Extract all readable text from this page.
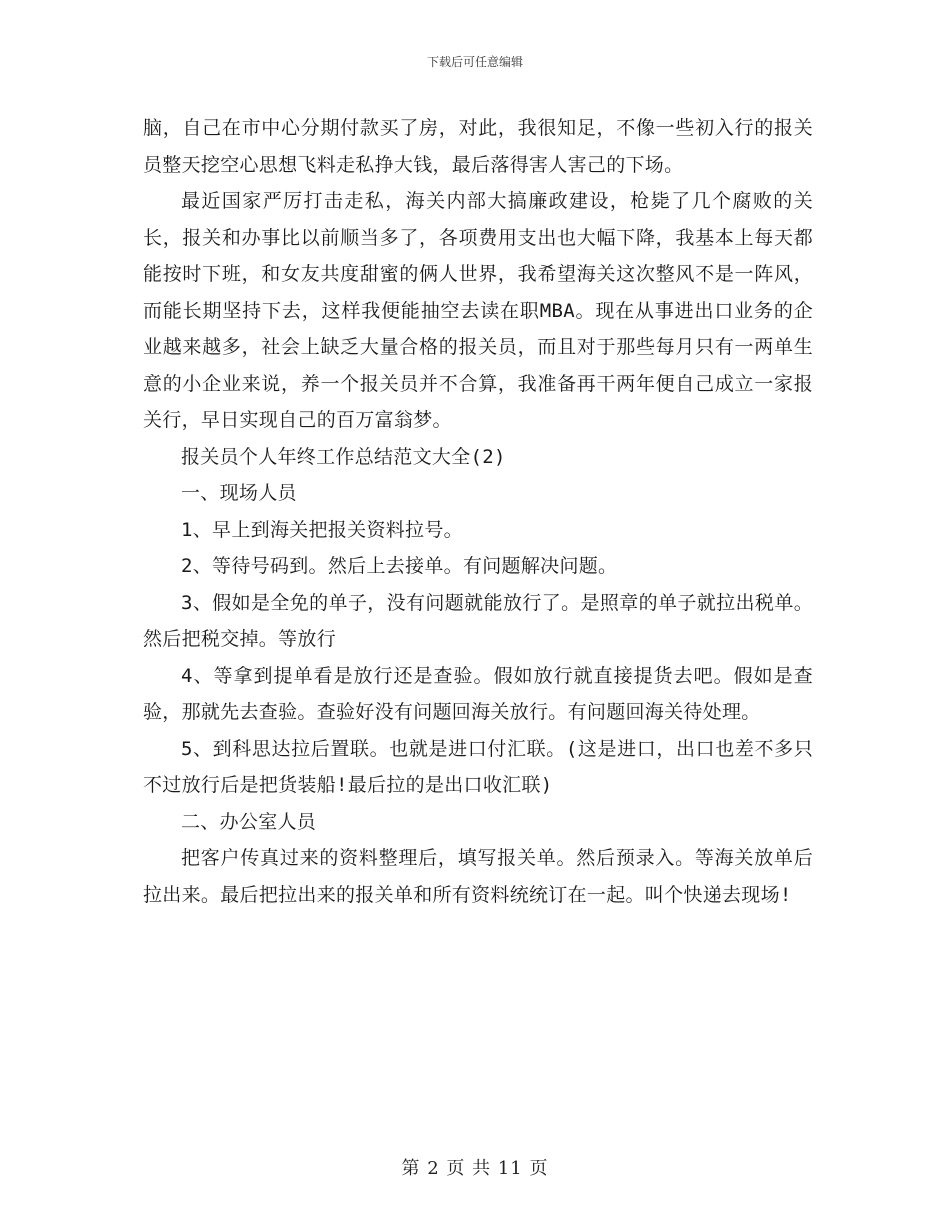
下载后可任意编辑

脑，自己在市中心分期付款买了房，对此，我很知足，不像一些初入行的报关员整天挖空心思想飞料走私挣大钱，最后落得害人害己的下场。

最近国家严厉打击走私，海关内部大搞廉政建设，枪毙了几个腐败的关长，报关和办事比以前顺当多了，各项费用支出也大幅下降，我基本上每天都能按时下班，和女友共度甜蜜的俩人世界，我希望海关这次整风不是一阵风，而能长期坚持下去，这样我便能抽空去读在职MBA。现在从事进出口业务的企业越来越多，社会上缺乏大量合格的报关员，而且对于那些每月只有一两单生意的小企业来说，养一个报关员并不合算，我准备再干两年便自己成立一家报关行，早日实现自己的百万富翁梦。

报关员个人年终工作总结范文大全(2)

一、现场人员

1、早上到海关把报关资料拉号。

2、等待号码到。然后上去接单。有问题解决问题。

3、假如是全免的单子，没有问题就能放行了。是照章的单子就拉出税单。然后把税交掉。等放行

4、等拿到提单看是放行还是查验。假如放行就直接提货去吧。假如是查验，那就先去查验。查验好没有问题回海关放行。有问题回海关待处理。

5、到科思达拉后置联。也就是进口付汇联。(这是进口，出口也差不多只不过放行后是把货装船!最后拉的是出口收汇联)

二、办公室人员

把客户传真过来的资料整理后，填写报关单。然后预录入。等海关放单后拉出来。最后把拉出来的报关单和所有资料统统订在一起。叫个快递去现场!

第 2 页 共 11 页
